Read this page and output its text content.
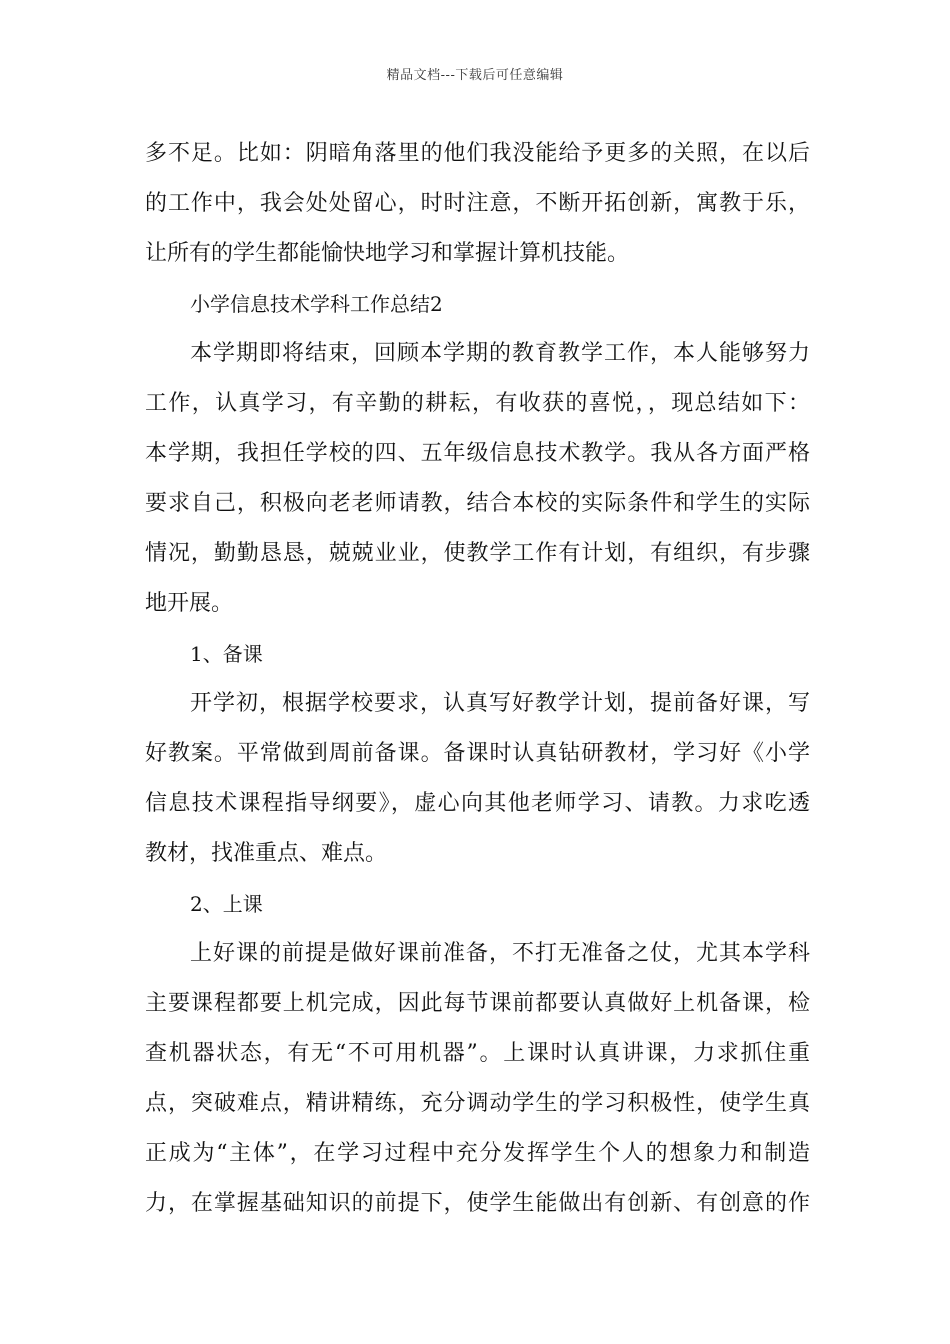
精品文档---下载后可任意编辑
多不足。比如：阴暗角落里的他们我没能给予更多的关照，在以后
的工作中，我会处处留心，时时注意，不断开拓创新，寓教于乐，
让所有的学生都能愉快地学习和掌握计算机技能。
小学信息技术学科工作总结2
本学期即将结束，回顾本学期的教育教学工作，本人能够努力
工作，认真学习，有辛勤的耕耘，有收获的喜悦，，现总结如下：
本学期，我担任学校的四、五年级信息技术教学。我从各方面严格
要求自己，积极向老老师请教，结合本校的实际条件和学生的实际
情况，勤勤恳恳，兢兢业业，使教学工作有计划，有组织，有步骤
地开展。
1、备课
开学初，根据学校要求，认真写好教学计划，提前备好课，写
好教案。平常做到周前备课。备课时认真钻研教材，学习好《小学
信息技术课程指导纲要》，虚心向其他老师学习、请教。力求吃透
教材，找准重点、难点。
2、上课
上好课的前提是做好课前准备，不打无准备之仗，尤其本学科
主要课程都要上机完成，因此每节课前都要认真做好上机备课，检
查机器状态，有无“不可用机器”。上课时认真讲课，力求抓住重
点，突破难点，精讲精练，充分调动学生的学习积极性，使学生真
正成为“主体”，在学习过程中充分发挥学生个人的想象力和制造
力，在掌握基础知识的前提下，使学生能做出有创新、有创意的作
